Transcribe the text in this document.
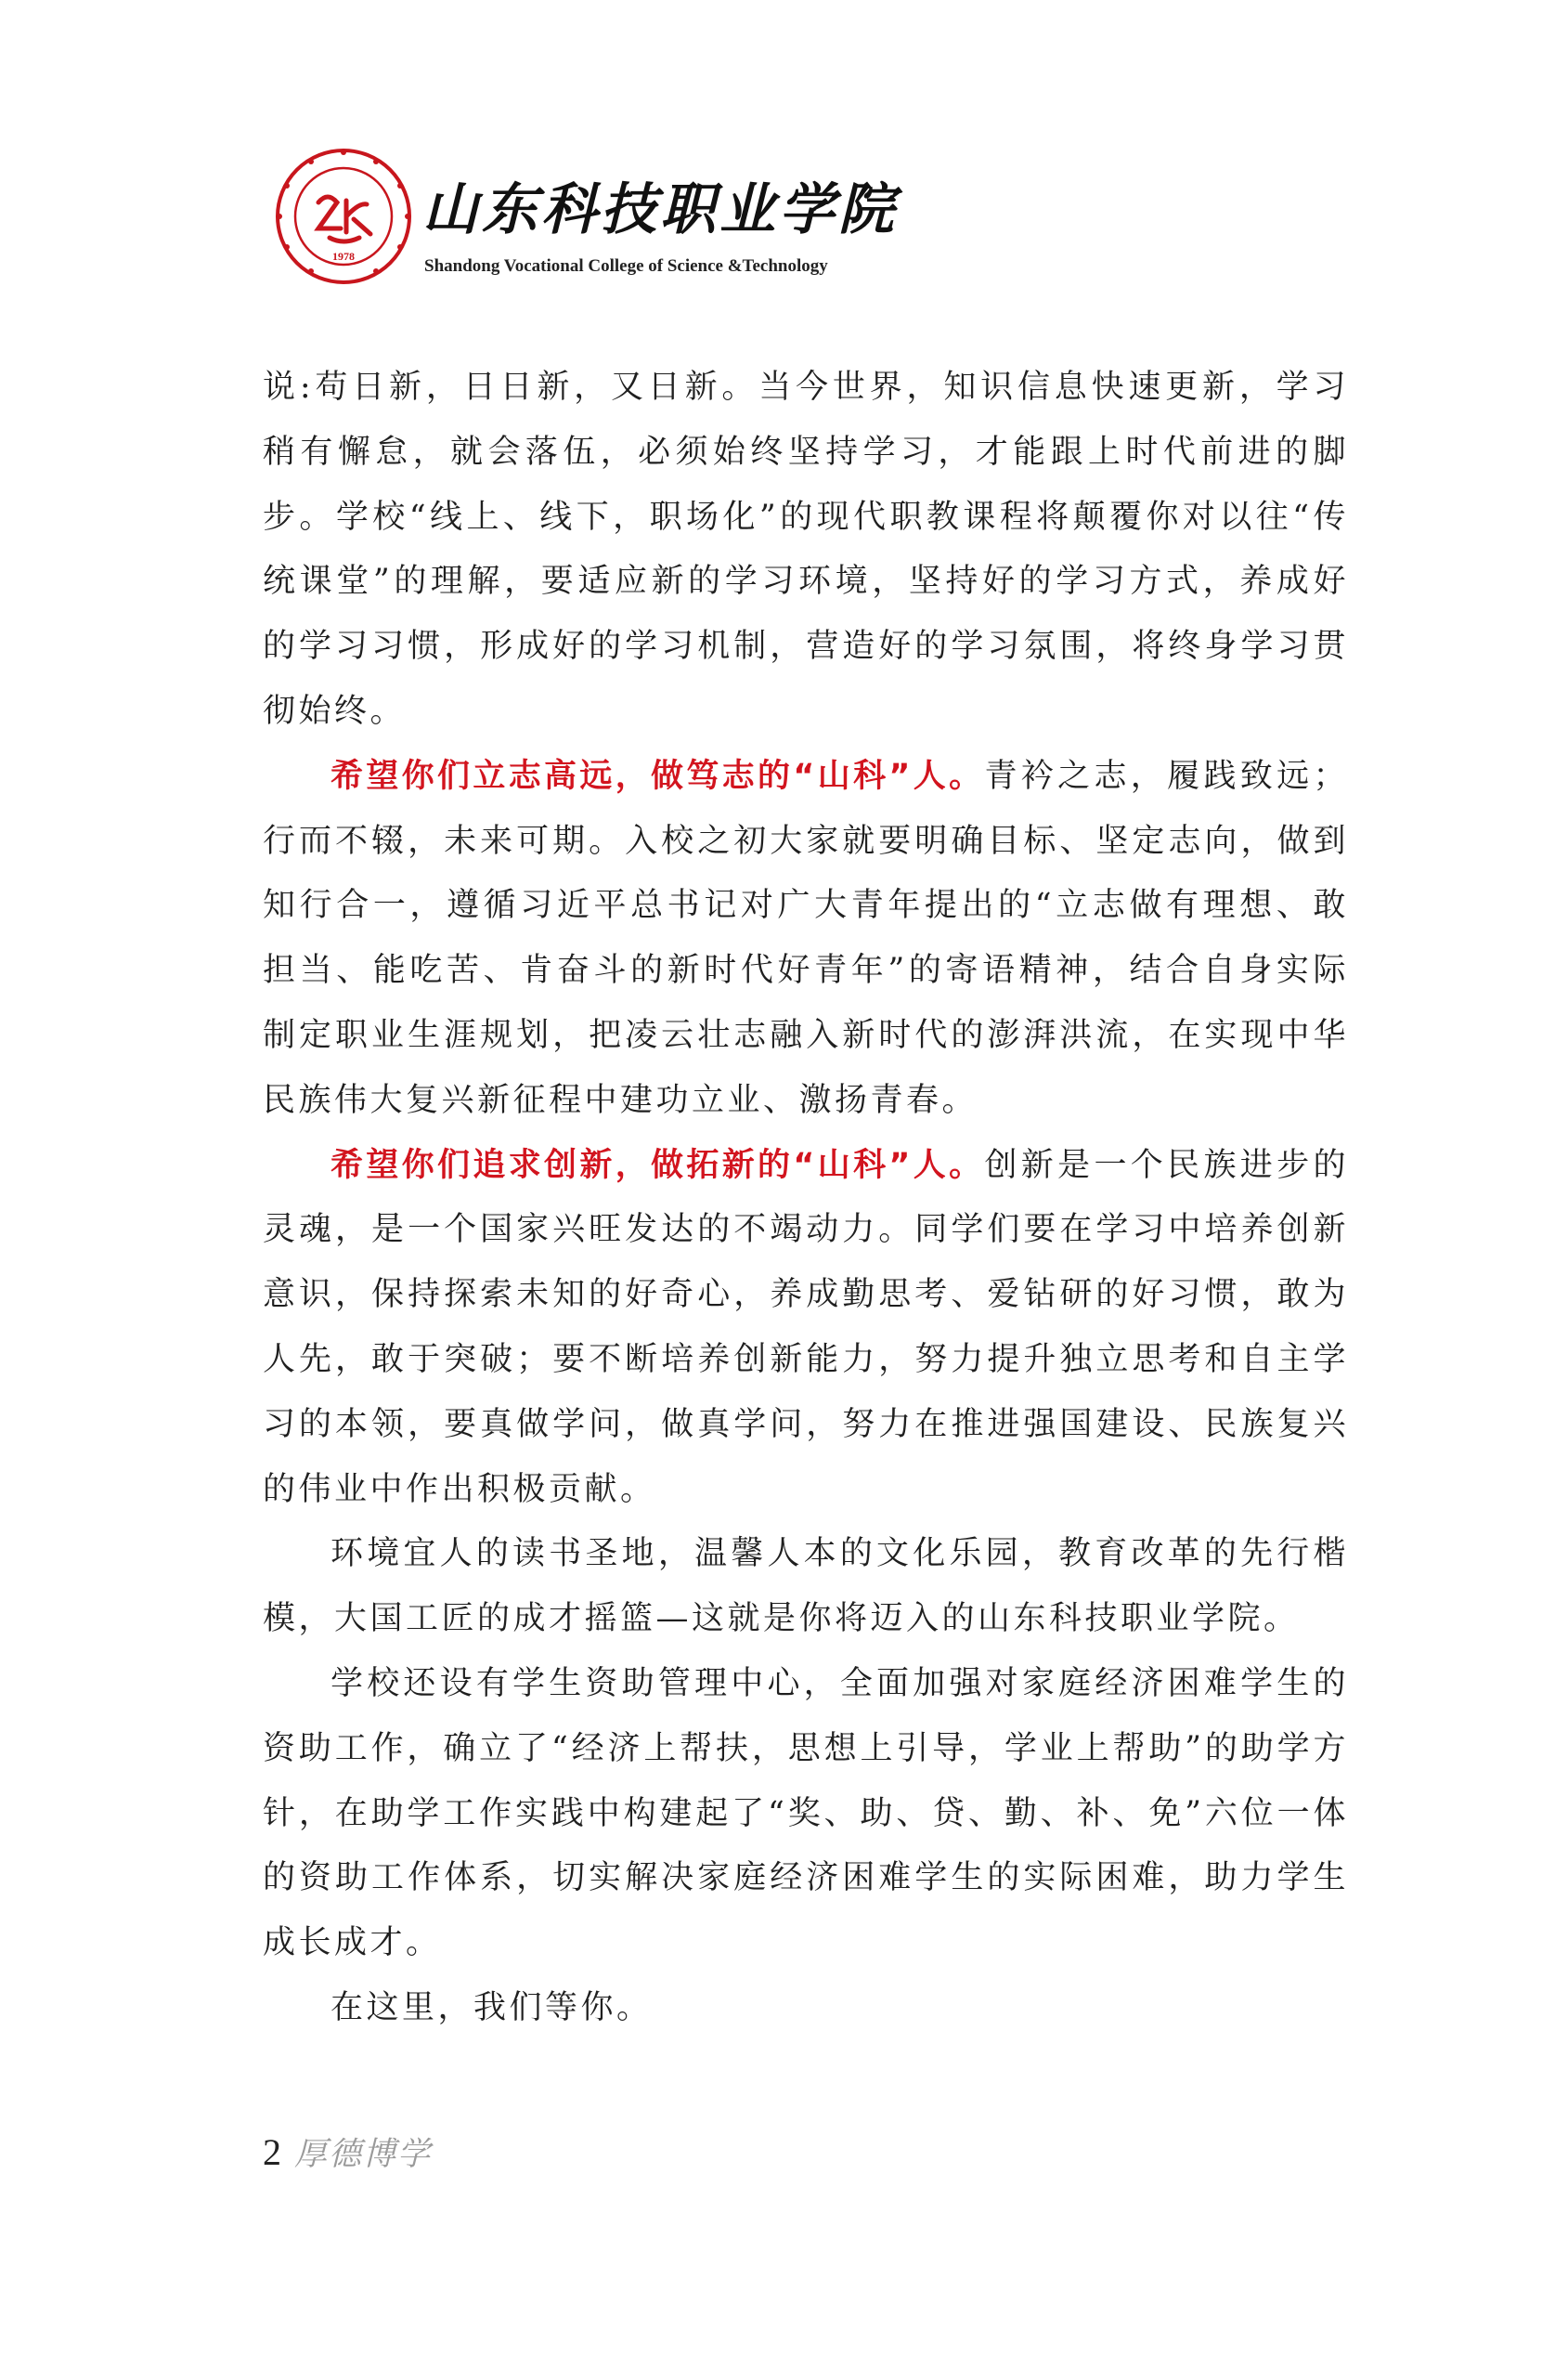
1978
山东科技职业学院
Shandong Vocational College of Science &Technology

说:苟日新，日日新，又日新。当今世界，知识信息快速更新，学习稍有懈怠，就会落伍，必须始终坚持学习，才能跟上时代前进的脚步。学校“线上、线下，职场化”的现代职教课程将颠覆你对以往“传统课堂”的理解，要适应新的学习环境，坚持好的学习方式，养成好的学习习惯，形成好的学习机制，营造好的学习氛围，将终身学习贯彻始终。

希望你们立志高远，做笃志的“山科”人。青衿之志，履践致远；行而不辍，未来可期。入校之初大家就要明确目标、坚定志向，做到知行合一，遵循习近平总书记对广大青年提出的“立志做有理想、敢担当、能吃苦、肯奋斗的新时代好青年”的寄语精神，结合自身实际制定职业生涯规划，把凌云壮志融入新时代的澎湃洪流，在实现中华民族伟大复兴新征程中建功立业、激扬青春。

希望你们追求创新，做拓新的“山科”人。创新是一个民族进步的灵魂，是一个国家兴旺发达的不竭动力。同学们要在学习中培养创新意识，保持探索未知的好奇心，养成勤思考、爱钻研的好习惯，敢为人先，敢于突破；要不断培养创新能力，努力提升独立思考和自主学习的本领，要真做学问，做真学问，努力在推进强国建设、民族复兴的伟业中作出积极贡献。

环境宜人的读书圣地，温馨人本的文化乐园，教育改革的先行楷模，大国工匠的成才摇篮—这就是你将迈入的山东科技职业学院。

学校还设有学生资助管理中心，全面加强对家庭经济困难学生的资助工作，确立了“经济上帮扶，思想上引导，学业上帮助”的助学方针，在助学工作实践中构建起了“奖、助、贷、勤、补、免”六位一体的资助工作体系，切实解决家庭经济困难学生的实际困难，助力学生成长成才。

在这里，我们等你。

2 厚德博学
